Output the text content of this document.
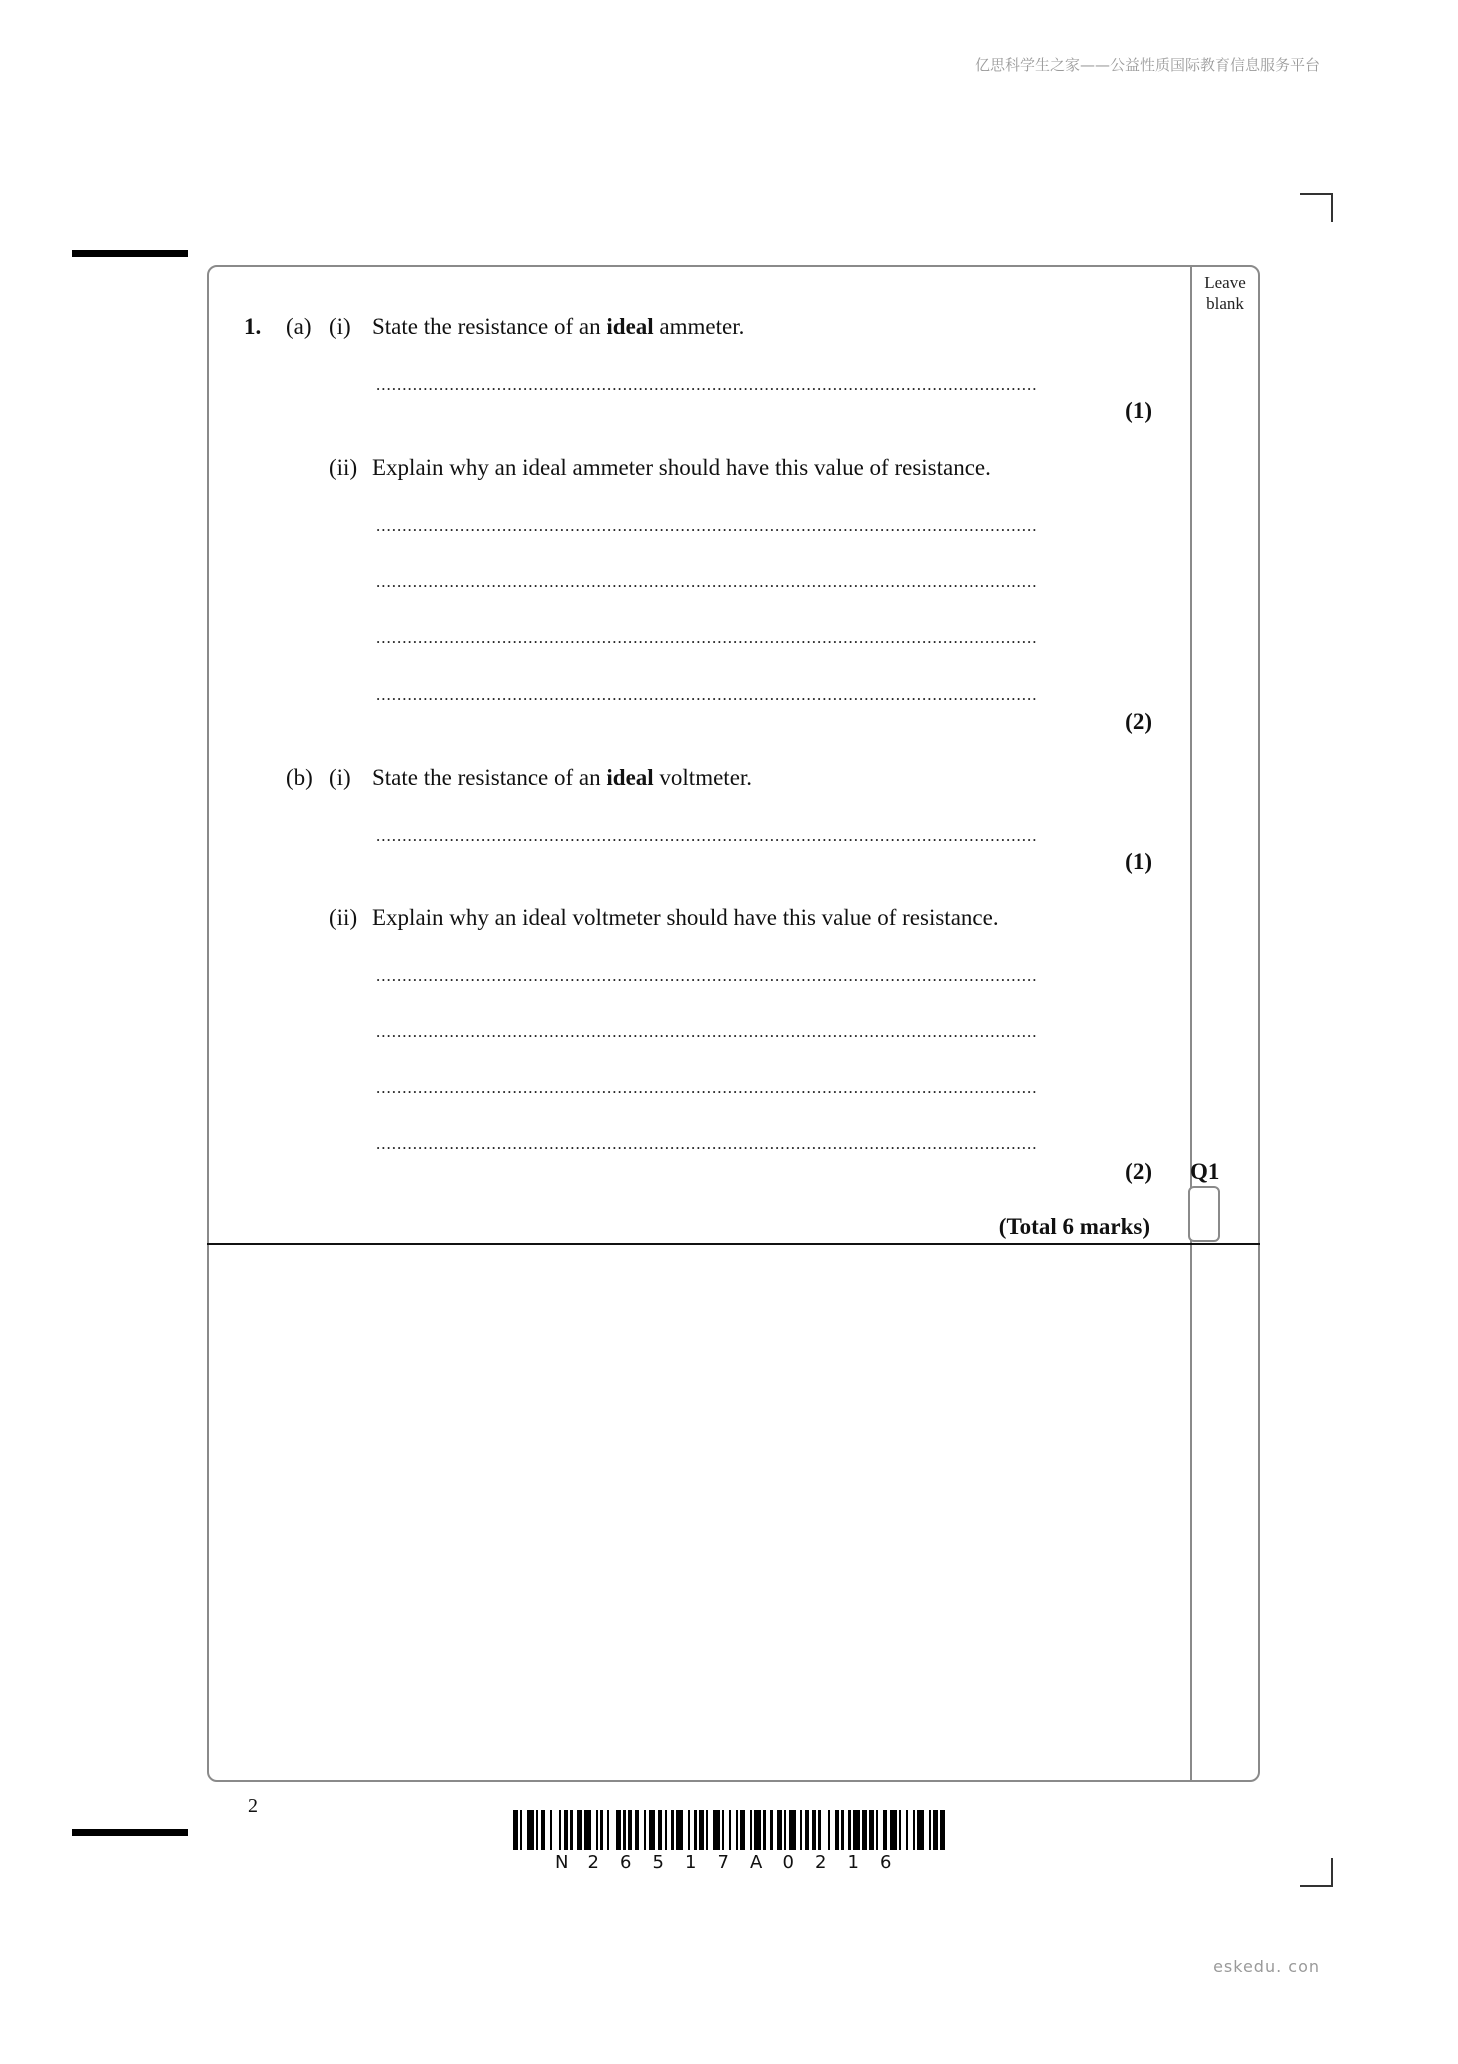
亿思科学生之家——公益性质国际教育信息服务平台
eskedu. con
Leave
blank
1. (a) (i) State the resistance of an ideal ammeter.
..............................................................................................................................
(1)
(ii) Explain why an ideal ammeter should have this value of resistance.
..............................................................................................................................
..............................................................................................................................
..............................................................................................................................
..............................................................................................................................
(2)
(b) (i) State the resistance of an ideal voltmeter.
..............................................................................................................................
(1)
(ii) Explain why an ideal voltmeter should have this value of resistance.
..............................................................................................................................
..............................................................................................................................
..............................................................................................................................
..............................................................................................................................
(2) Q1
(Total 6 marks)
2
N 2 6 5 1 7 A 0 2 1 6
